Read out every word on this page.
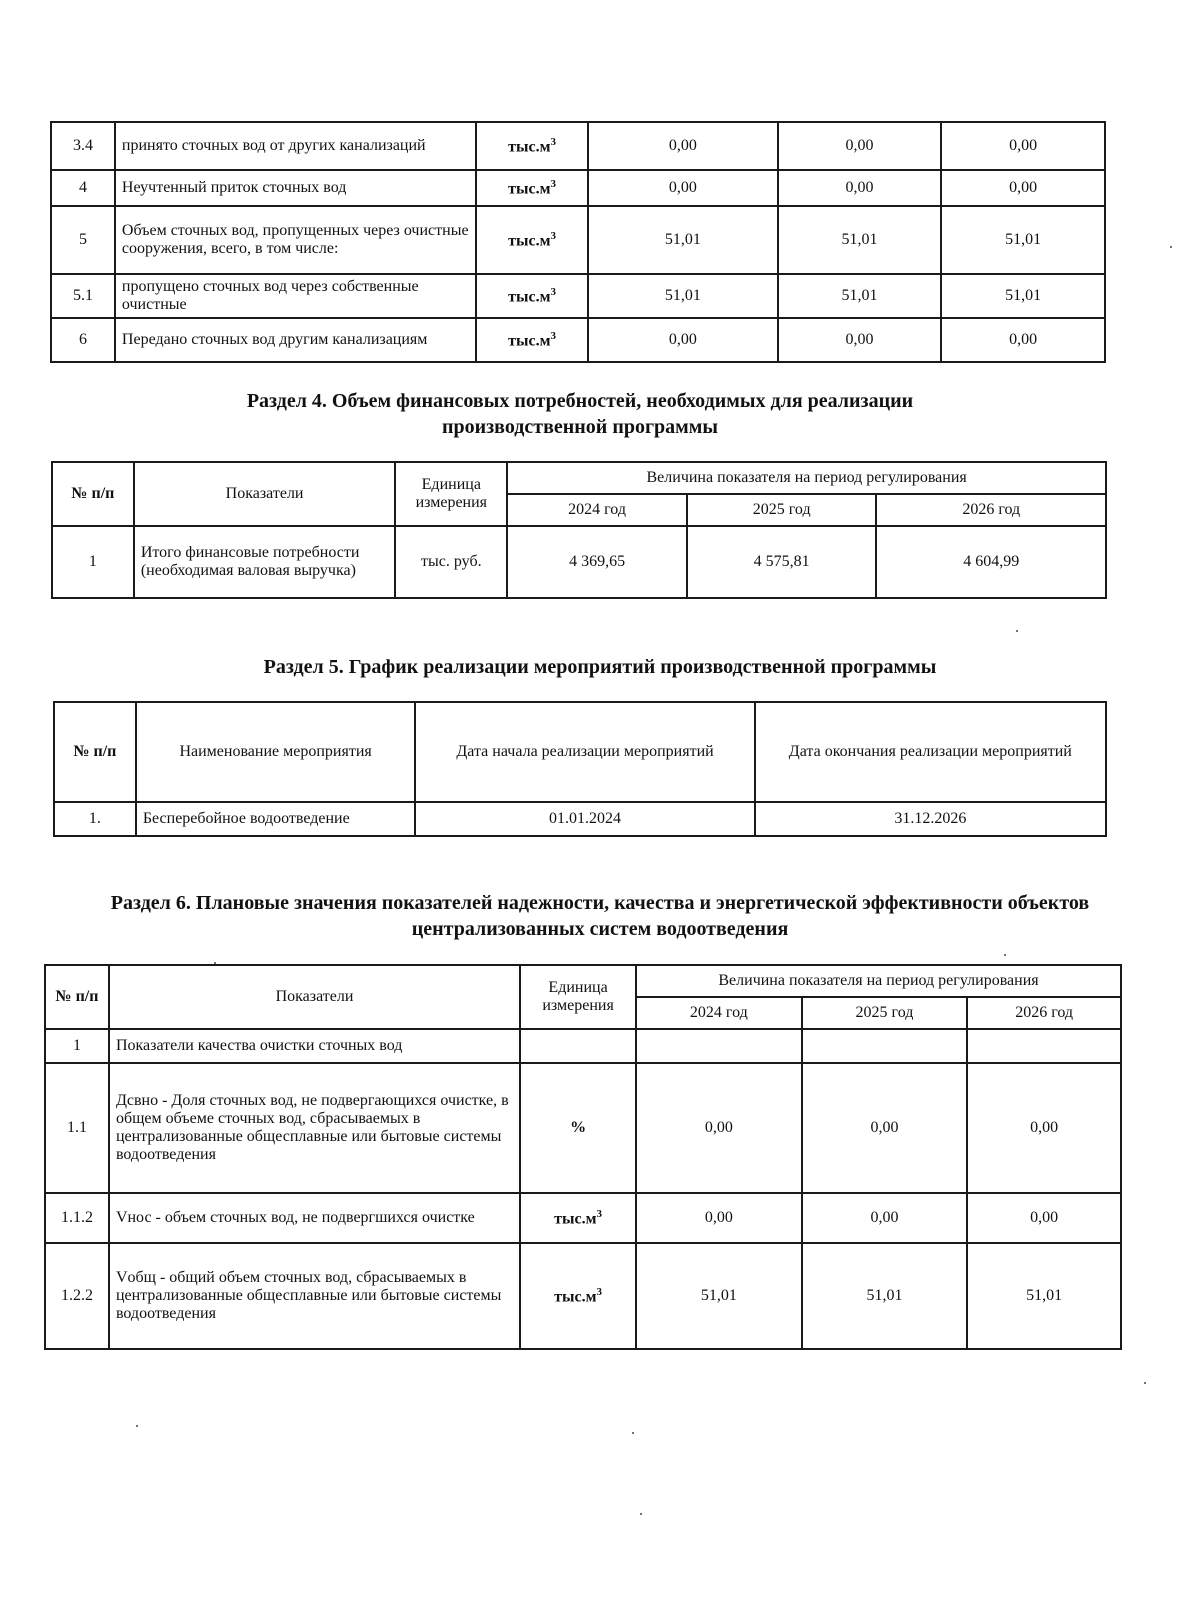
3.4	принято сточных вод от других канализаций	$тыс.м^3$	0,00	0,00	0,00
4	Неучтенный приток сточных вод	$тыс.м^3$	0,00	0,00	0,00
5	Объем сточных вод, пропущенных через очистные сооружения, всего, в том числе:	$тыс.м^3$	51,01	51,01	51,01
5.1	пропущено сточных вод через собственные очистные	$тыс.м^3$	51,01	51,01	51,01
6	Передано сточных вод другим канализациям	$тыс.м^3$	0,00	0,00	0,00
Раздел 4. Объем финансовых потребностей, необходимых для реализации производственной программы
№ п/п	Показатели	Единица измерения	Величина показателя на период регулирования		
			2024 год	2025 год	2026 год
1	Итого финансовые потребности (необходимая валовая выручка)	тыс. руб.	4 369,65	4 575,81	4 604,99
Раздел 5. График реализации мероприятий производственной программы
№ п/п	Наименование мероприятия	Дата начала реализации мероприятий	Дата окончания реализации мероприятий
1.	Бесперебойное водоотведение	01.01.2024	31.12.2026
Раздел 6. Плановые значения показателей надежности, качества и энергетической эффективности объектов централизованных систем водоотведения
№ п/п	Показатели	Единица измерения	Величина показателя на период регулирования		
			2024 год	2025 год	2026 год
1	Показатели качества очистки сточных вод				
1.1	Дсвно - Доля сточных вод, не подвергающихся очистке, в общем объеме сточных вод, сбрасываемых в централизованные общесплавные или бытовые системы водоотведения	%	0,00	0,00	0,00
1.1.2	Vнос - объем сточных вод, не подвергшихся очистке	$тыс.м^3$	0,00	0,00	0,00
1.2.2	Vобщ - общий объем сточных вод, сбрасываемых в централизованные общесплавные или бытовые системы водоотведения	$тыс.м^3$	51,01	51,01	51,01
